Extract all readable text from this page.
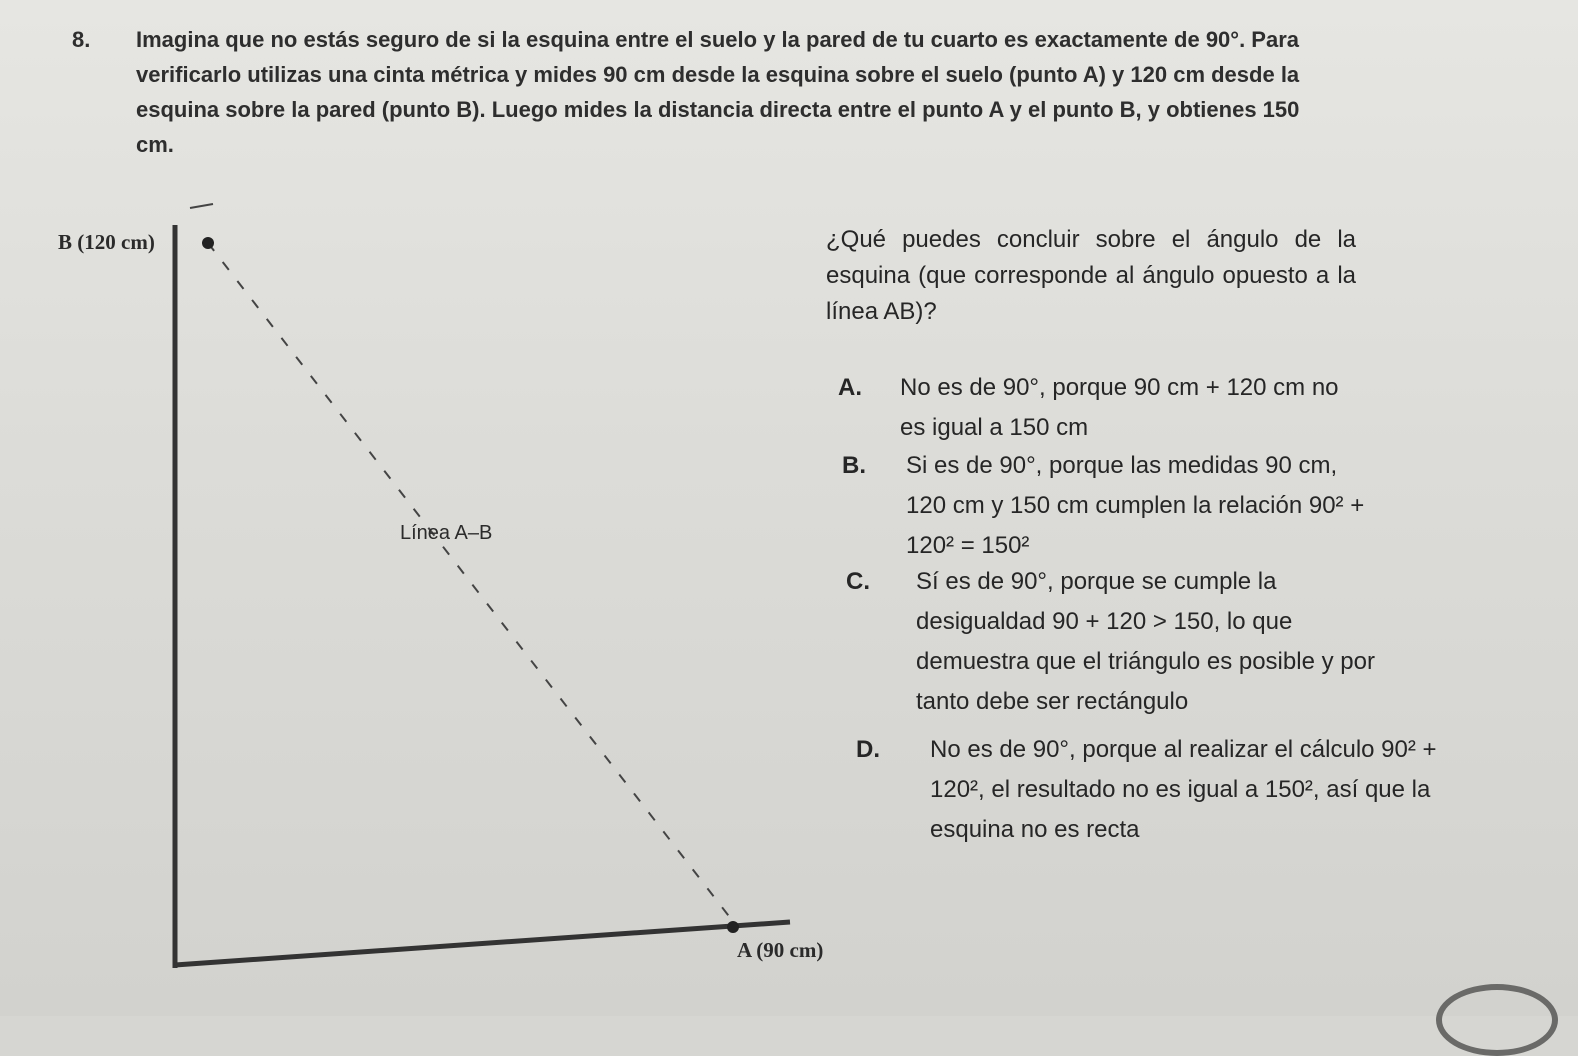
8. Imagina que no estás seguro de si la esquina entre el suelo y la pared de tu cuarto es exactamente de 90°. Para verificarlo utilizas una cinta métrica y mides 90 cm desde la esquina sobre el suelo (punto A) y 120 cm desde la esquina sobre la pared (punto B). Luego mides la distancia directa entre el punto A y el punto B, y obtienes 150 cm.
B (120 cm)
Línea A–B
A (90 cm)
¿Qué puedes concluir sobre el ángulo de la esquina (que corresponde al ángulo opuesto a la línea AB)?
A. No es de 90°, porque 90 cm + 120 cm no es igual a 150 cm
B. Si es de 90°, porque las medidas 90 cm, 120 cm y 150 cm cumplen la relación 90² + 120² = 150²
C. Sí es de 90°, porque se cumple la desigualdad 90 + 120 > 150, lo que demuestra que el triángulo es posible y por tanto debe ser rectángulo
D. No es de 90°, porque al realizar el cálculo 90² + 120², el resultado no es igual a 150², así que la esquina no es recta
